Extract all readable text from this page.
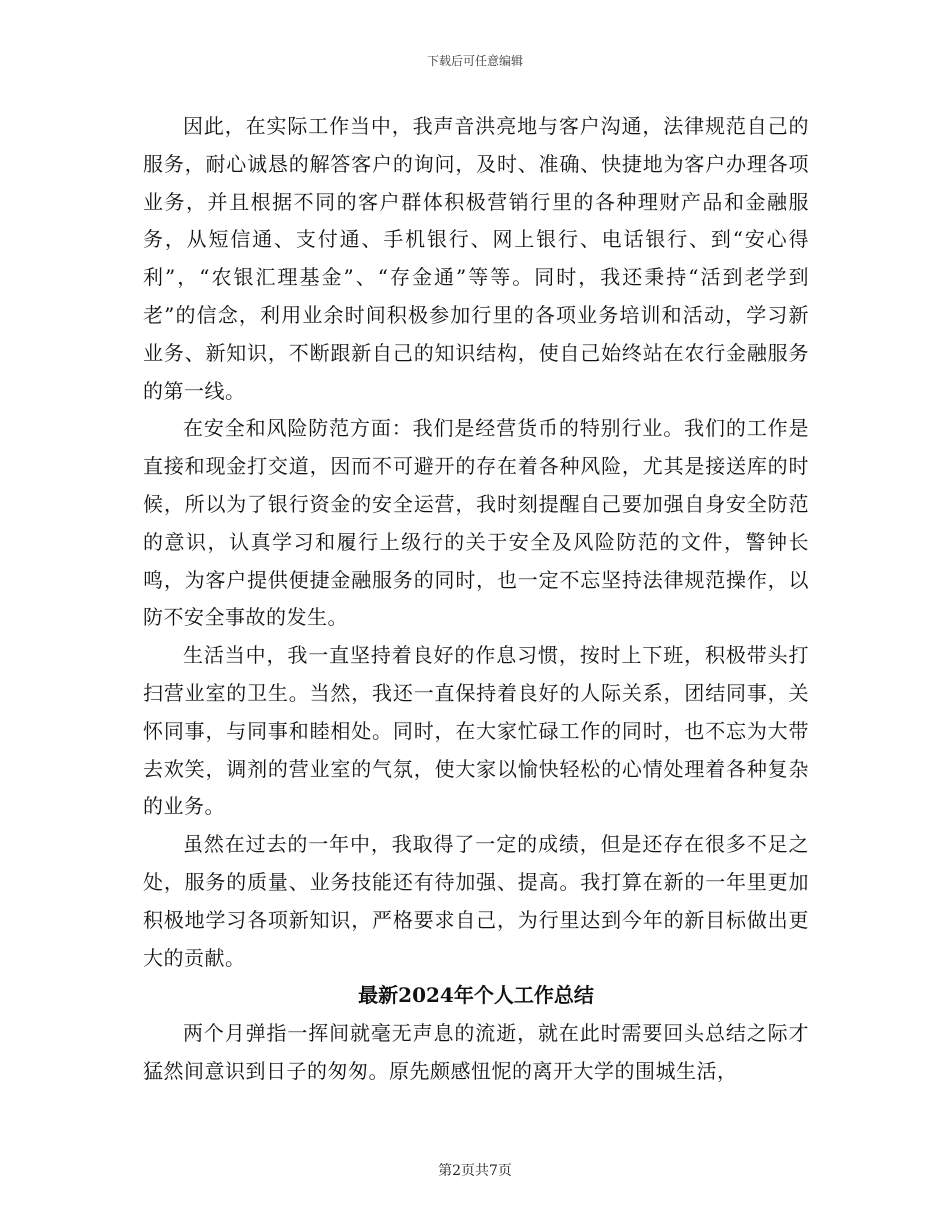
下载后可任意编辑

因此，在实际工作当中，我声音洪亮地与客户沟通，法律规范自己的服务，耐心诚恳的解答客户的询问，及时、准确、快捷地为客户办理各项业务，并且根据不同的客户群体积极营销行里的各种理财产品和金融服务，从短信通、支付通、手机银行、网上银行、电话银行、到“安心得利”，“农银汇理基金”、“存金通”等等。同时，我还秉持“活到老学到老”的信念，利用业余时间积极参加行里的各项业务培训和活动，学习新业务、新知识，不断跟新自己的知识结构，使自己始终站在农行金融服务的第一线。

在安全和风险防范方面：我们是经营货币的特别行业。我们的工作是直接和现金打交道，因而不可避开的存在着各种风险，尤其是接送库的时候，所以为了银行资金的安全运营，我时刻提醒自己要加强自身安全防范的意识，认真学习和履行上级行的关于安全及风险防范的文件，警钟长鸣，为客户提供便捷金融服务的同时，也一定不忘坚持法律规范操作，以防不安全事故的发生。

生活当中，我一直坚持着良好的作息习惯，按时上下班，积极带头打扫营业室的卫生。当然，我还一直保持着良好的人际关系，团结同事，关怀同事，与同事和睦相处。同时，在大家忙碌工作的同时，也不忘为大带去欢笑，调剂的营业室的气氛，使大家以愉快轻松的心情处理着各种复杂的业务。

虽然在过去的一年中，我取得了一定的成绩，但是还存在很多不足之处，服务的质量、业务技能还有待加强、提高。我打算在新的一年里更加积极地学习各项新知识，严格要求自己，为行里达到今年的新目标做出更大的贡献。

最新2024年个人工作总结

两个月弹指一挥间就毫无声息的流逝，就在此时需要回头总结之际才猛然间意识到日子的匆匆。原先颇感忸怩的离开大学的围城生活，

第2页共7页
